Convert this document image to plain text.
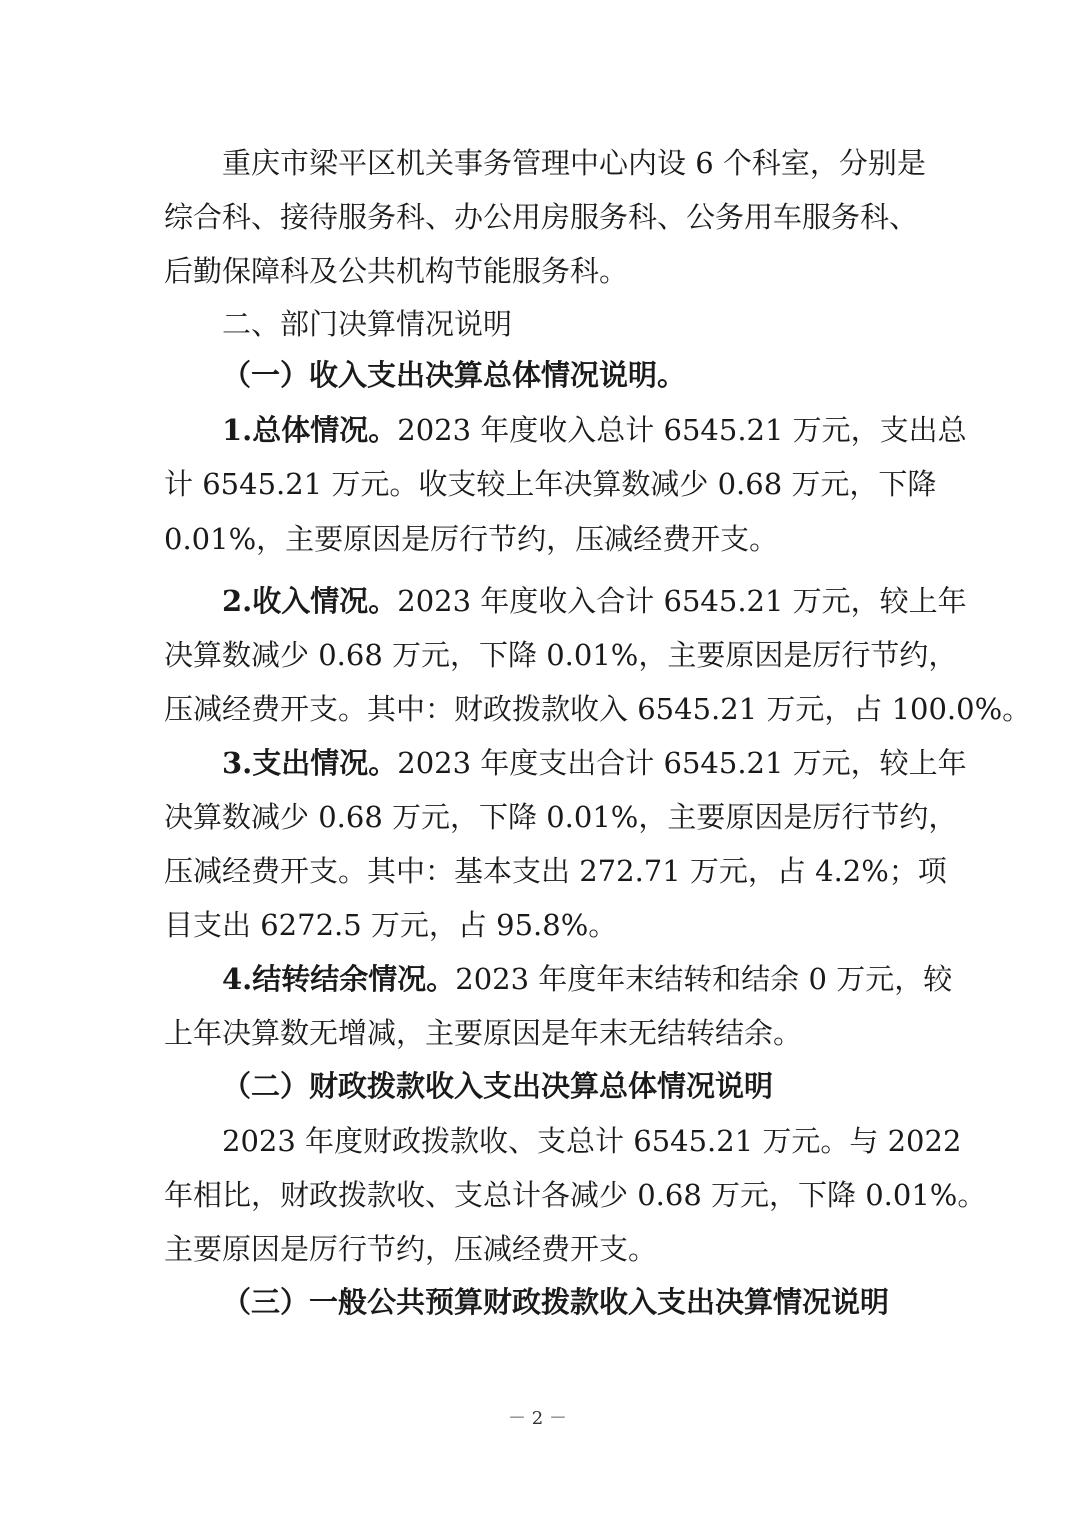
重庆市梁平区机关事务管理中心内设 6 个科室，分别是
综合科、接待服务科、办公用房服务科、公务用车服务科、
后勤保障科及公共机构节能服务科。
二、部门决算情况说明
（一）收入支出决算总体情况说明。
1.总体情况。2023 年度收入总计 6545.21 万元，支出总
计 6545.21 万元。收支较上年决算数减少 0.68 万元，下降
0.01%，主要原因是厉行节约，压减经费开支。
2.收入情况。2023 年度收入合计 6545.21 万元，较上年
决算数减少 0.68 万元，下降 0.01%，主要原因是厉行节约，
压减经费开支。其中：财政拨款收入 6545.21 万元，占 100.0%。
3.支出情况。2023 年度支出合计 6545.21 万元，较上年
决算数减少 0.68 万元，下降 0.01%，主要原因是厉行节约，
压减经费开支。其中：基本支出 272.71 万元，占 4.2%；项
目支出 6272.5 万元，占 95.8%。
4.结转结余情况。2023 年度年末结转和结余 0 万元，较
上年决算数无增减，主要原因是年末无结转结余。
（二）财政拨款收入支出决算总体情况说明
2023 年度财政拨款收、支总计 6545.21 万元。与 2022
年相比，财政拨款收、支总计各减少 0.68 万元，下降 0.01%。
主要原因是厉行节约，压减经费开支。
（三）一般公共预算财政拨款收入支出决算情况说明
－ 2 －
